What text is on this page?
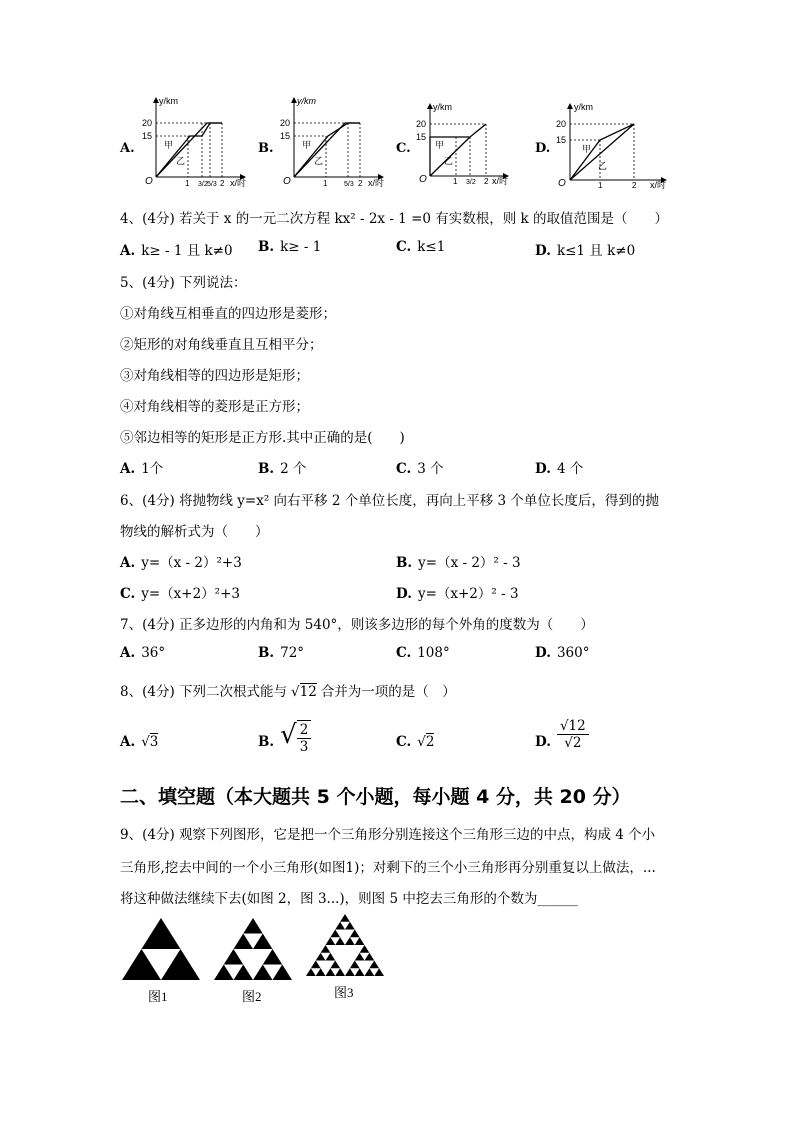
A.
y/km
x/时
O
20
15
甲
乙
1 3/2 5/3 2
B.
y/km
x/时
O
20
15
甲
乙
1 5/3 2
C.
y/km
x/时
O
20
15
甲
乙
1 3/2 2
D.
y/km
x/时
O
20
15
甲
乙
1	2
4、(4分) 若关于 x 的一元二次方程 kx² - 2x - 1 =0 有实数根，则 k 的取值范围是（　　）
A. k≥ - 1 且 k≠0 B. k≥ - 1	C. k≤1	D. k≤1 且 k≠0
5、(4分) 下列说法：
①对角线互相垂直的四边形是菱形；
②矩形的对角线垂直且互相平分；
③对角线相等的四边形是矩形；
④对角线相等的菱形是正方形；
⑤邻边相等的矩形是正方形.其中正确的是(　　)
A. 1个	B. 2 个	C. 3 个	D. 4 个
6、(4分) 将抛物线 y=x² 向右平移 2 个单位长度，再向上平移 3 个单位长度后，得到的抛
物线的解析式为（　　）
A. y=（x - 2）²+3	B. y=（x - 2）² - 3
C. y=（x+2）²+3	D. y=（x+2）² - 3
7、(4分) 正多边形的内角和为 540°，则该多边形的每个外角的度数为（　　）
A. 36°	B. 72°	C. 108°	D. 360°
8、(4分) 下列二次根式能与 √12 合并为一项的是（　）
A. √3	B. √ $\frac{2}{3}$	C. √2	D. $\frac{√12}{√2}$
二、填空题（本大题共 5 个小题，每小题 4 分，共 20 分）
9、(4分) 观察下列图形，它是把一个三角形分别连接这个三角形三边的中点，构成 4 个小
三角形,挖去中间的一个小三角形(如图1)；对剩下的三个小三角形再分别重复以上做法，...
将这种做法继续下去(如图 2，图 3...)，则图 5 中挖去三角形的个数为______
图1	图2	图3
